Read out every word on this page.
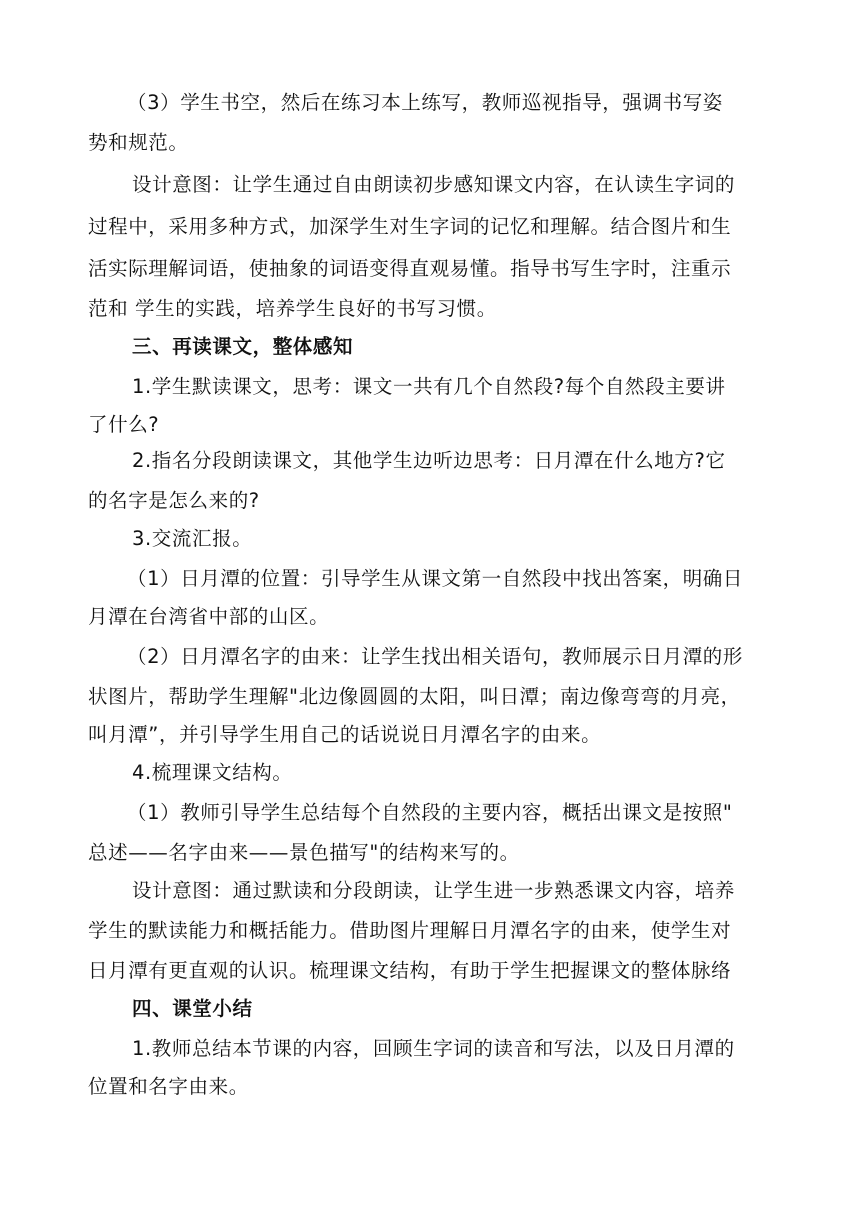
（3）学生书空，然后在练习本上练写，教师巡视指导，强调书写姿
势和规范。
设计意图：让学生通过自由朗读初步感知课文内容，在认读生字词的
过程中，采用多种方式，加深学生对生字词的记忆和理解。结合图片和生
活实际理解词语，使抽象的词语变得直观易懂。指导书写生字时，注重示
范和 学生的实践，培养学生良好的书写习惯。
三、再读课文，整体感知
1.学生默读课文，思考：课文一共有几个自然段?每个自然段主要讲
了什么?
2.指名分段朗读课文，其他学生边听边思考：日月潭在什么地方?它
的名字是怎么来的?
3.交流汇报。
（1）日月潭的位置：引导学生从课文第一自然段中找出答案，明确日
月潭在台湾省中部的山区。
（2）日月潭名字的由来：让学生找出相关语句，教师展示日月潭的形
状图片，帮助学生理解"北边像圆圆的太阳，叫日潭；南边像弯弯的月亮，
叫月潭”，并引导学生用自己的话说说日月潭名字的由来。
4.梳理课文结构。
（1）教师引导学生总结每个自然段的主要内容，概括出课文是按照"
总述——名字由来——景色描写"的结构来写的。
设计意图：通过默读和分段朗读，让学生进一步熟悉课文内容，培养
学生的默读能力和概括能力。借助图片理解日月潭名字的由来，使学生对
日月潭有更直观的认识。梳理课文结构，有助于学生把握课文的整体脉络
四、课堂小结
1.教师总结本节课的内容，回顾生字词的读音和写法，以及日月潭的
位置和名字由来。
